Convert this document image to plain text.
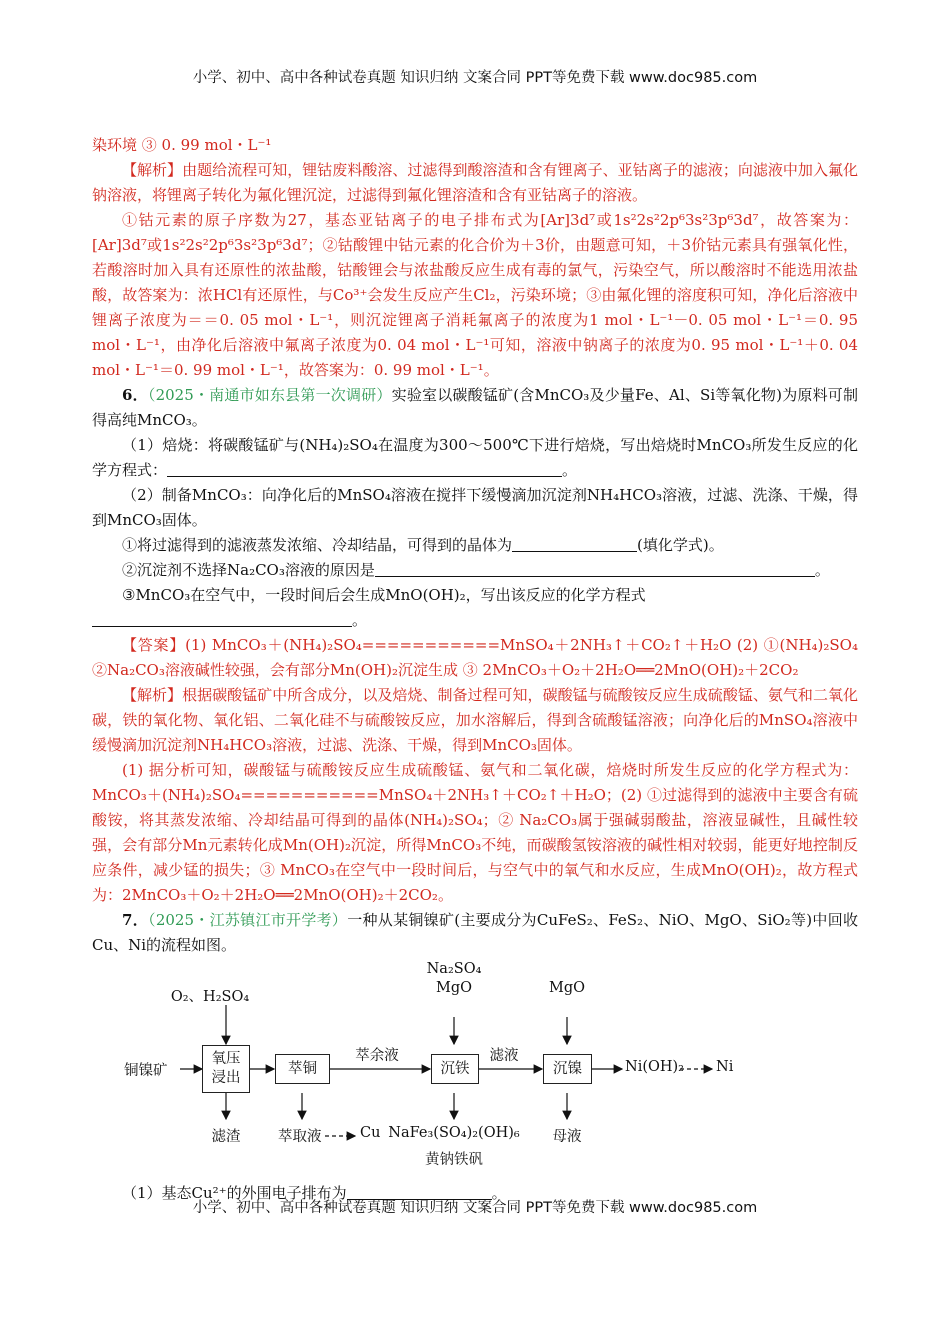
小学、初中、高中各种试卷真题 知识归纳 文案合同 PPT等免费下载 www.doc985.com

染环境 ③ 0. 99 mol・L⁻¹

【解析】由题给流程可知，锂钴废料酸溶、过滤得到酸溶渣和含有锂离子、亚钴离子的滤液；向滤液中加入氟化钠溶液，将锂离子转化为氟化锂沉淀，过滤得到氟化锂溶渣和含有亚钴离子的溶液。

①钴元素的原子序数为27，基态亚钴离子的电子排布式为[Ar]3d⁷或1s²2s²2p⁶3s²3p⁶3d⁷，故答案为：[Ar]3d⁷或1s²2s²2p⁶3s²3p⁶3d⁷；②钴酸锂中钴元素的化合价为＋3价，由题意可知，＋3价钴元素具有强氧化性，若酸溶时加入具有还原性的浓盐酸，钴酸锂会与浓盐酸反应生成有毒的氯气，污染空气，所以酸溶时不能选用浓盐酸，故答案为：浓HCl有还原性，与Co³⁺会发生反应产生Cl₂，污染环境；③由氟化锂的溶度积可知，净化后溶液中锂离子浓度为＝＝0. 05 mol・L⁻¹，则沉淀锂离子消耗氟离子的浓度为1 mol・L⁻¹－0. 05 mol・L⁻¹＝0. 95 mol・L⁻¹，由净化后溶液中氟离子浓度为0. 04 mol・L⁻¹可知，溶液中钠离子的浓度为0. 95 mol・L⁻¹＋0. 04 mol・L⁻¹＝0. 99 mol・L⁻¹，故答案为：0. 99 mol・L⁻¹。

6．（2025・南通市如东县第一次调研）实验室以碳酸锰矿(含MnCO₃及少量Fe、Al、Si等氧化物)为原料可制得高纯MnCO₃。

（1）焙烧：将碳酸锰矿与(NH₄)₂SO₄在温度为300～500℃下进行焙烧，写出焙烧时MnCO₃所发生反应的化学方程式：	。

（2）制备MnCO₃：向净化后的MnSO₄溶液在搅拌下缓慢滴加沉淀剂NH₄HCO₃溶液，过滤、洗涤、干燥，得到MnCO₃固体。

①将过滤得到的滤液蒸发浓缩、冷却结晶，可得到的晶体为	(填化学式)。

②沉淀剂不选择Na₂CO₃溶液的原因是	。

③MnCO₃在空气中，一段时间后会生成MnO(OH)₂，写出该反应的化学方程式

。

【答案】(1) MnCO₃＋(NH₄)₂SO₄===========MnSO₄＋2NH₃↑＋CO₂↑＋H₂O (2) ①(NH₄)₂SO₄ ②Na₂CO₃溶液碱性较强，会有部分Mn(OH)₂沉淀生成 ③ 2MnCO₃＋O₂＋2H₂O══2MnO(OH)₂＋2CO₂

【解析】根据碳酸锰矿中所含成分，以及焙烧、制备过程可知，碳酸锰与硫酸铵反应生成硫酸锰、氨气和二氧化碳，铁的氧化物、氧化铝、二氧化硅不与硫酸铵反应，加水溶解后，得到含硫酸锰溶液；向净化后的MnSO₄溶液中缓慢滴加沉淀剂NH₄HCO₃溶液，过滤、洗涤、干燥，得到MnCO₃固体。

(1) 据分析可知，碳酸锰与硫酸铵反应生成硫酸锰、氨气和二氧化碳，焙烧时所发生反应的化学方程式为：MnCO₃＋(NH₄)₂SO₄===========MnSO₄＋2NH₃↑＋CO₂↑＋H₂O；(2) ①过滤得到的滤液中主要含有硫酸铵，将其蒸发浓缩、冷却结晶可得到的晶体(NH₄)₂SO₄；② Na₂CO₃属于强碱弱酸盐，溶液显碱性，且碱性较强，会有部分Mn元素转化成Mn(OH)₂沉淀，所得MnCO₃不纯，而碳酸氢铵溶液的碱性相对较弱，能更好地控制反应条件，减少锰的损失；③ MnCO₃在空气中一段时间后，与空气中的氧气和水反应，生成MnO(OH)₂，故方程式为：2MnCO₃＋O₂＋2H₂O══2MnO(OH)₂＋2CO₂。

7．（2025・江苏镇江市开学考）一种从某铜镍矿(主要成分为CuFeS₂、FeS₂、NiO、MgO、SiO₂等)中回收Cu、Ni的流程如图。

铜镍矿
O₂、H₂SO₄
氧压
浸出
滤渣
萃铜
萃取液	Cu
萃余液
Na₂SO₄
MgO
沉铁
NaFe₃(SO₄)₂(OH)₆
黄钠铁矾
滤液
MgO
沉镍
母液
Ni(OH)₂ Ni

（1）基态Cu²⁺的外围电子排布为	。

小学、初中、高中各种试卷真题 知识归纳 文案合同 PPT等免费下载 www.doc985.com
